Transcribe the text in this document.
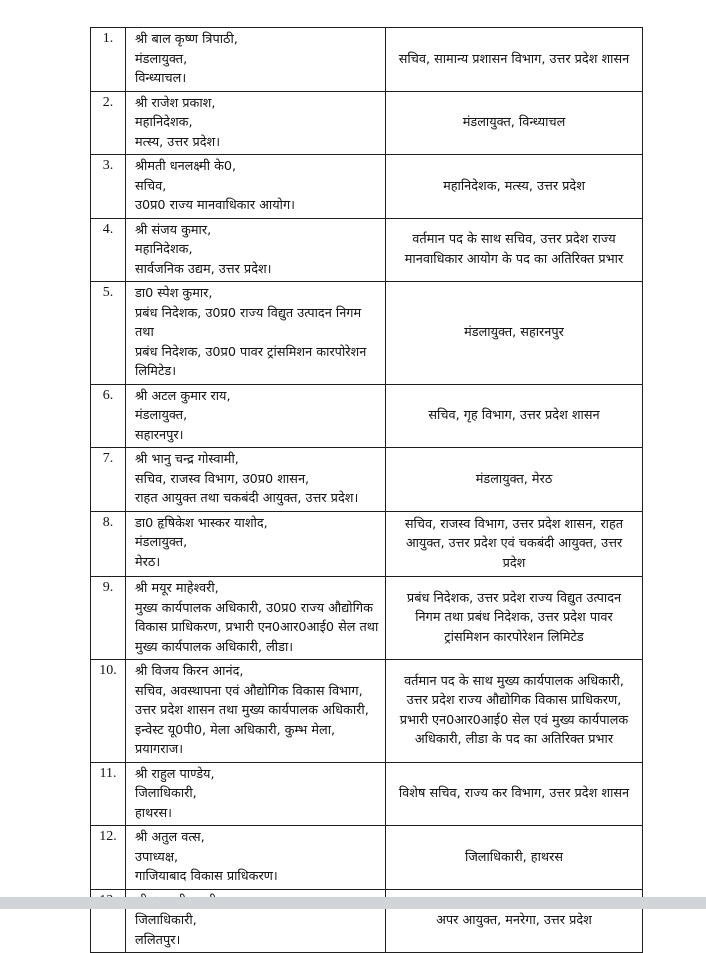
1.	श्री बाल कृष्ण त्रिपाठी,
मंडलायुक्त,
विन्ध्याचल।
सचिव, सामान्य प्रशासन विभाग, उत्तर प्रदेश शासन
2.	श्री राजेश प्रकाश,
महानिदेशक,
मत्स्य, उत्तर प्रदेश।
मंडलायुक्त, विन्ध्याचल
3.	श्रीमती धनलक्ष्मी के0,
सचिव,
उ0प्र0 राज्य मानवाधिकार आयोग।
महानिदेशक, मत्स्य, उत्तर प्रदेश
4.	श्री संजय कुमार,
महानिदेशक,
सार्वजनिक उद्यम, उत्तर प्रदेश।
वर्तमान पद के साथ सचिव, उत्तर प्रदेश राज्य मानवाधिकार आयोग के पद का अतिरिक्त प्रभार
5.	डा0 स्पेश कुमार,
प्रबंध निदेशक, उ0प्र0 राज्य विद्युत उत्पादन निगम तथा
प्रबंध निदेशक, उ0प्र0 पावर ट्रांसमिशन कारपोरेशन
लिमिटेड।
मंडलायुक्त, सहारनपुर
6.	श्री अटल कुमार राय,
मंडलायुक्त,
सहारनपुर।
सचिव, गृह विभाग, उत्तर प्रदेश शासन
7.	श्री भानु चन्द्र गोस्वामी,
सचिव, राजस्व विभाग, उ0प्र0 शासन,
राहत आयुक्त तथा चकबंदी आयुक्त, उत्तर प्रदेश।
मंडलायुक्त, मेरठ
8.	डा0 हृषिकेश भास्कर याशोद,
मंडलायुक्त,
मेरठ।
सचिव, राजस्व विभाग, उत्तर प्रदेश शासन, राहत आयुक्त, उत्तर प्रदेश एवं चकबंदी आयुक्त, उत्तर प्रदेश
9.	श्री मयूर माहेश्वरी,
मुख्य कार्यपालक अधिकारी, उ0प्र0 राज्य औद्योगिक
विकास प्राधिकरण, प्रभारी एन0आर0आई0 सेल तथा
मुख्य कार्यपालक अधिकारी, लीडा।
प्रबंध निदेशक, उत्तर प्रदेश राज्य विद्युत उत्पादन निगम तथा प्रबंध निदेशक, उत्तर प्रदेश पावर ट्रांसमिशन कारपोरेशन लिमिटेड
10.	श्री विजय किरन आनंद,
सचिव, अवस्थापना एवं औद्योगिक विकास विभाग,
उत्तर प्रदेश शासन तथा मुख्य कार्यपालक अधिकारी,
इन्वेस्ट यू0पी0, मेला अधिकारी, कुम्भ मेला, प्रयागराज।
वर्तमान पद के साथ मुख्य कार्यपालक अधिकारी, उत्तर प्रदेश राज्य औद्योगिक विकास प्राधिकरण, प्रभारी एन0आर0आई0 सेल एवं मुख्य कार्यपालक अधिकारी, लीडा के पद का अतिरिक्त प्रभार
11.	श्री राहुल पाण्डेय,
जिलाधिकारी,
हाथरस।
विशेष सचिव, राज्य कर विभाग, उत्तर प्रदेश शासन
12.	श्री अतुल वत्स,
उपाध्यक्ष,
गाजियाबाद विकास प्राधिकरण।
जिलाधिकारी, हाथरस
जिलाधिकारी,
ललितपुर।
अपर आयुक्त, मनरेगा, उत्तर प्रदेश
